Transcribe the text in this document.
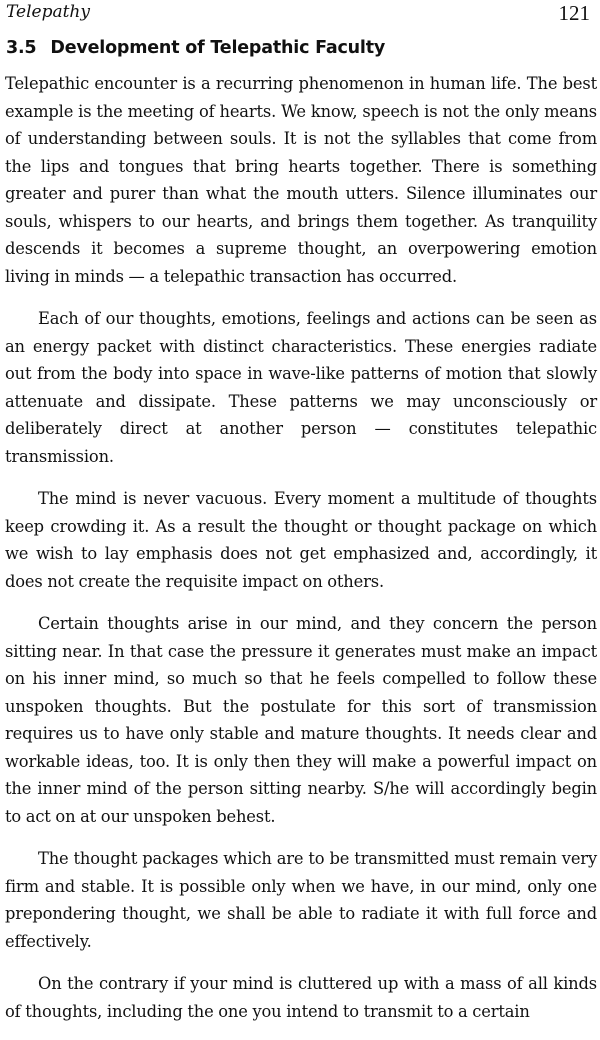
Telepathy	121
3.5 Development of Telepathic Faculty

Telepathic encounter is a recurring phenomenon in human life. The best example is the meeting of hearts. We know, speech is not the only means of understanding between souls. It is not the syllables that come from the lips and tongues that bring hearts together. There is something greater and purer than what the mouth utters. Silence illuminates our souls, whispers to our hearts, and brings them together. As tranquility descends it becomes a supreme thought, an overpowering emotion living in minds — a telepathic transaction has occurred.

Each of our thoughts, emotions, feelings and actions can be seen as an energy packet with distinct characteristics. These energies radiate out from the body into space in wave-like patterns of motion that slowly attenuate and dissipate. These patterns we may unconsciously or deliberately direct at another person — constitutes telepathic transmission.

The mind is never vacuous. Every moment a multitude of thoughts keep crowding it. As a result the thought or thought package on which we wish to lay emphasis does not get emphasized and, accordingly, it does not create the requisite impact on others.

Certain thoughts arise in our mind, and they concern the person sitting near. In that case the pressure it generates must make an impact on his inner mind, so much so that he feels compelled to follow these unspoken thoughts. But the postulate for this sort of transmission requires us to have only stable and mature thoughts. It needs clear and workable ideas, too. It is only then they will make a powerful impact on the inner mind of the person sitting nearby. S/he will accordingly begin to act on at our unspoken behest.

The thought packages which are to be transmitted must remain very firm and stable. It is possible only when we have, in our mind, only one prepondering thought, we shall be able to radiate it with full force and effectively.

On the contrary if your mind is cluttered up with a mass of all kinds of thoughts, including the one you intend to transmit to a certain
